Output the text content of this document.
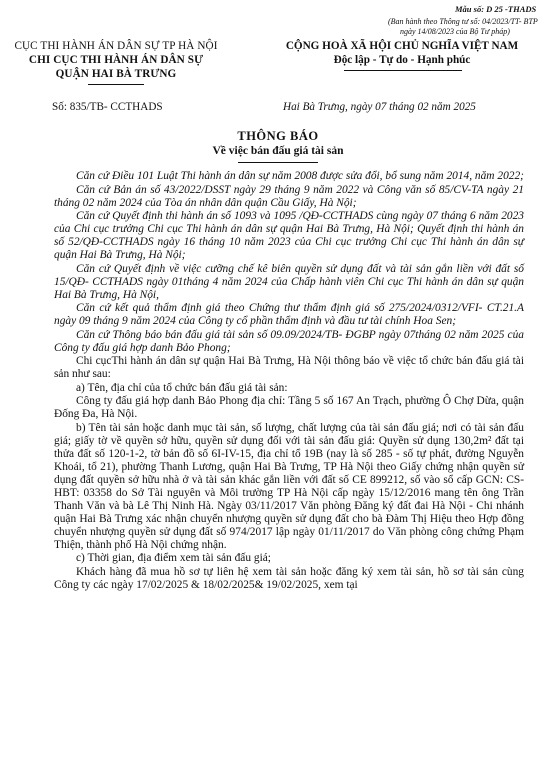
Mẫu số: D 25 -THADS
(Ban hành theo Thông tư số: 04/2023/TT- BTP
ngày 14/08/2023 của Bộ Tư pháp)
CỤC THI HÀNH ÁN DÂN SỰ TP HÀ NỘI
CHI CỤC THI HÀNH ÁN DÂN SỰ
QUẬN HAI BÀ TRƯNG
CỘNG HOÀ XÃ HỘI CHỦ NGHĨA VIỆT NAM
Độc lập - Tự do - Hạnh phúc
Số: 835/TB- CCTHADS	Hai Bà Trưng, ngày 07 tháng 02 năm 2025
THÔNG BÁO
Về việc bán đấu giá tài sản

Căn cứ Điều 101 Luật Thi hành án dân sự năm 2008 được sửa đổi, bổ sung năm 2014, năm 2022;

Căn cứ Bản án số 43/2022/DSST ngày 29 tháng 9 năm 2022 và Công văn số 85/CV-TA ngày 21 tháng 02 năm 2024 của Tòa án nhân dân quận Cầu Giấy, Hà Nội;

Căn cứ Quyết định thi hành án số 1093 và 1095 /QĐ-CCTHADS cùng ngày 07 tháng 6 năm 2023 của Chi cục trưởng Chi cục Thi hành án dân sự quận Hai Bà Trưng, Hà Nội; Quyết định thi hành án số 52/QĐ-CCTHADS ngày 16 tháng 10 năm 2023 của Chi cục trưởng Chi cục Thi hành án dân sự quận Hai Bà Trưng, Hà Nội;

Căn cứ Quyết định về việc cưỡng chế kê biên quyền sử dụng đất và tài sản gắn liền với đất số 15/QĐ- CCTHADS ngày 01tháng 4 năm 2024 của Chấp hành viên Chi cục Thi hành án dân sự quận Hai Bà Trưng, Hà Nội,

Căn cứ kết quả thẩm định giá theo Chứng thư thẩm định giá số 275/2024/0312/VFI- CT.21.A ngày 09 tháng 9 năm 2024 của Công ty cổ phần thẩm định và đầu tư tài chính Hoa Sen;

Căn cứ Thông báo bán đấu giá tài sản số 09.09/2024/TB- ĐGBP ngày 07tháng 02 năm 2025 của Công ty đấu giá hợp danh Bảo Phong;

Chi cụcThi hành án dân sự quận Hai Bà Trưng, Hà Nội thông báo về việc tổ chức bán đấu giá tài sản như sau:

a) Tên, địa chỉ của tổ chức bán đấu giá tài sản:

Công ty đấu giá hợp danh Bảo Phong địa chỉ: Tầng 5 số 167 An Trạch, phường Ô Chợ Dừa, quận Đống Đa, Hà Nội.

b) Tên tài sản hoặc danh mục tài sản, số lượng, chất lượng của tài sản đấu giá; nơi có tài sản đấu giá; giấy tờ về quyền sở hữu, quyền sử dụng đối với tài sản đấu giá: Quyền sử dụng 130,2m² đất tại thửa đất số 120-1-2, tờ bản đồ số 6I-IV-15, địa chỉ tổ 19B (nay là số 285 - số tự phát, đường Nguyễn Khoái, tổ 21), phường Thanh Lương, quận Hai Bà Trưng, TP Hà Nội theo Giấy chứng nhận quyền sử dụng đất quyền sở hữu nhà ở và tài sản khác gắn liền với đất số CE 899212, số vào sổ cấp GCN: CS-HBT: 03358 do Sở Tài nguyên và Môi trường TP Hà Nội cấp ngày 15/12/2016 mang tên ông Trần Thanh Văn và bà Lê Thị Ninh Hà. Ngày 03/11/2017 Văn phòng Đăng ký đất đai Hà Nội - Chi nhánh quận Hai Bà Trưng xác nhận chuyển nhượng quyền sử dụng đất cho bà Đàm Thị Hiệu theo Hợp đồng chuyển nhượng quyền sử dụng đất số 974/2017 lập ngày 01/11/2017 do Văn phòng công chứng Phạm Thiện, thành phố Hà Nội chứng nhận.

c) Thời gian, địa điểm xem tài sản đấu giá;

Khách hàng đã mua hồ sơ tự liên hệ xem tài sản hoặc đăng ký xem tài sản, hồ sơ tài sản cùng Công ty các ngày 17/02/2025 & 18/02/2025& 19/02/2025, xem tại
